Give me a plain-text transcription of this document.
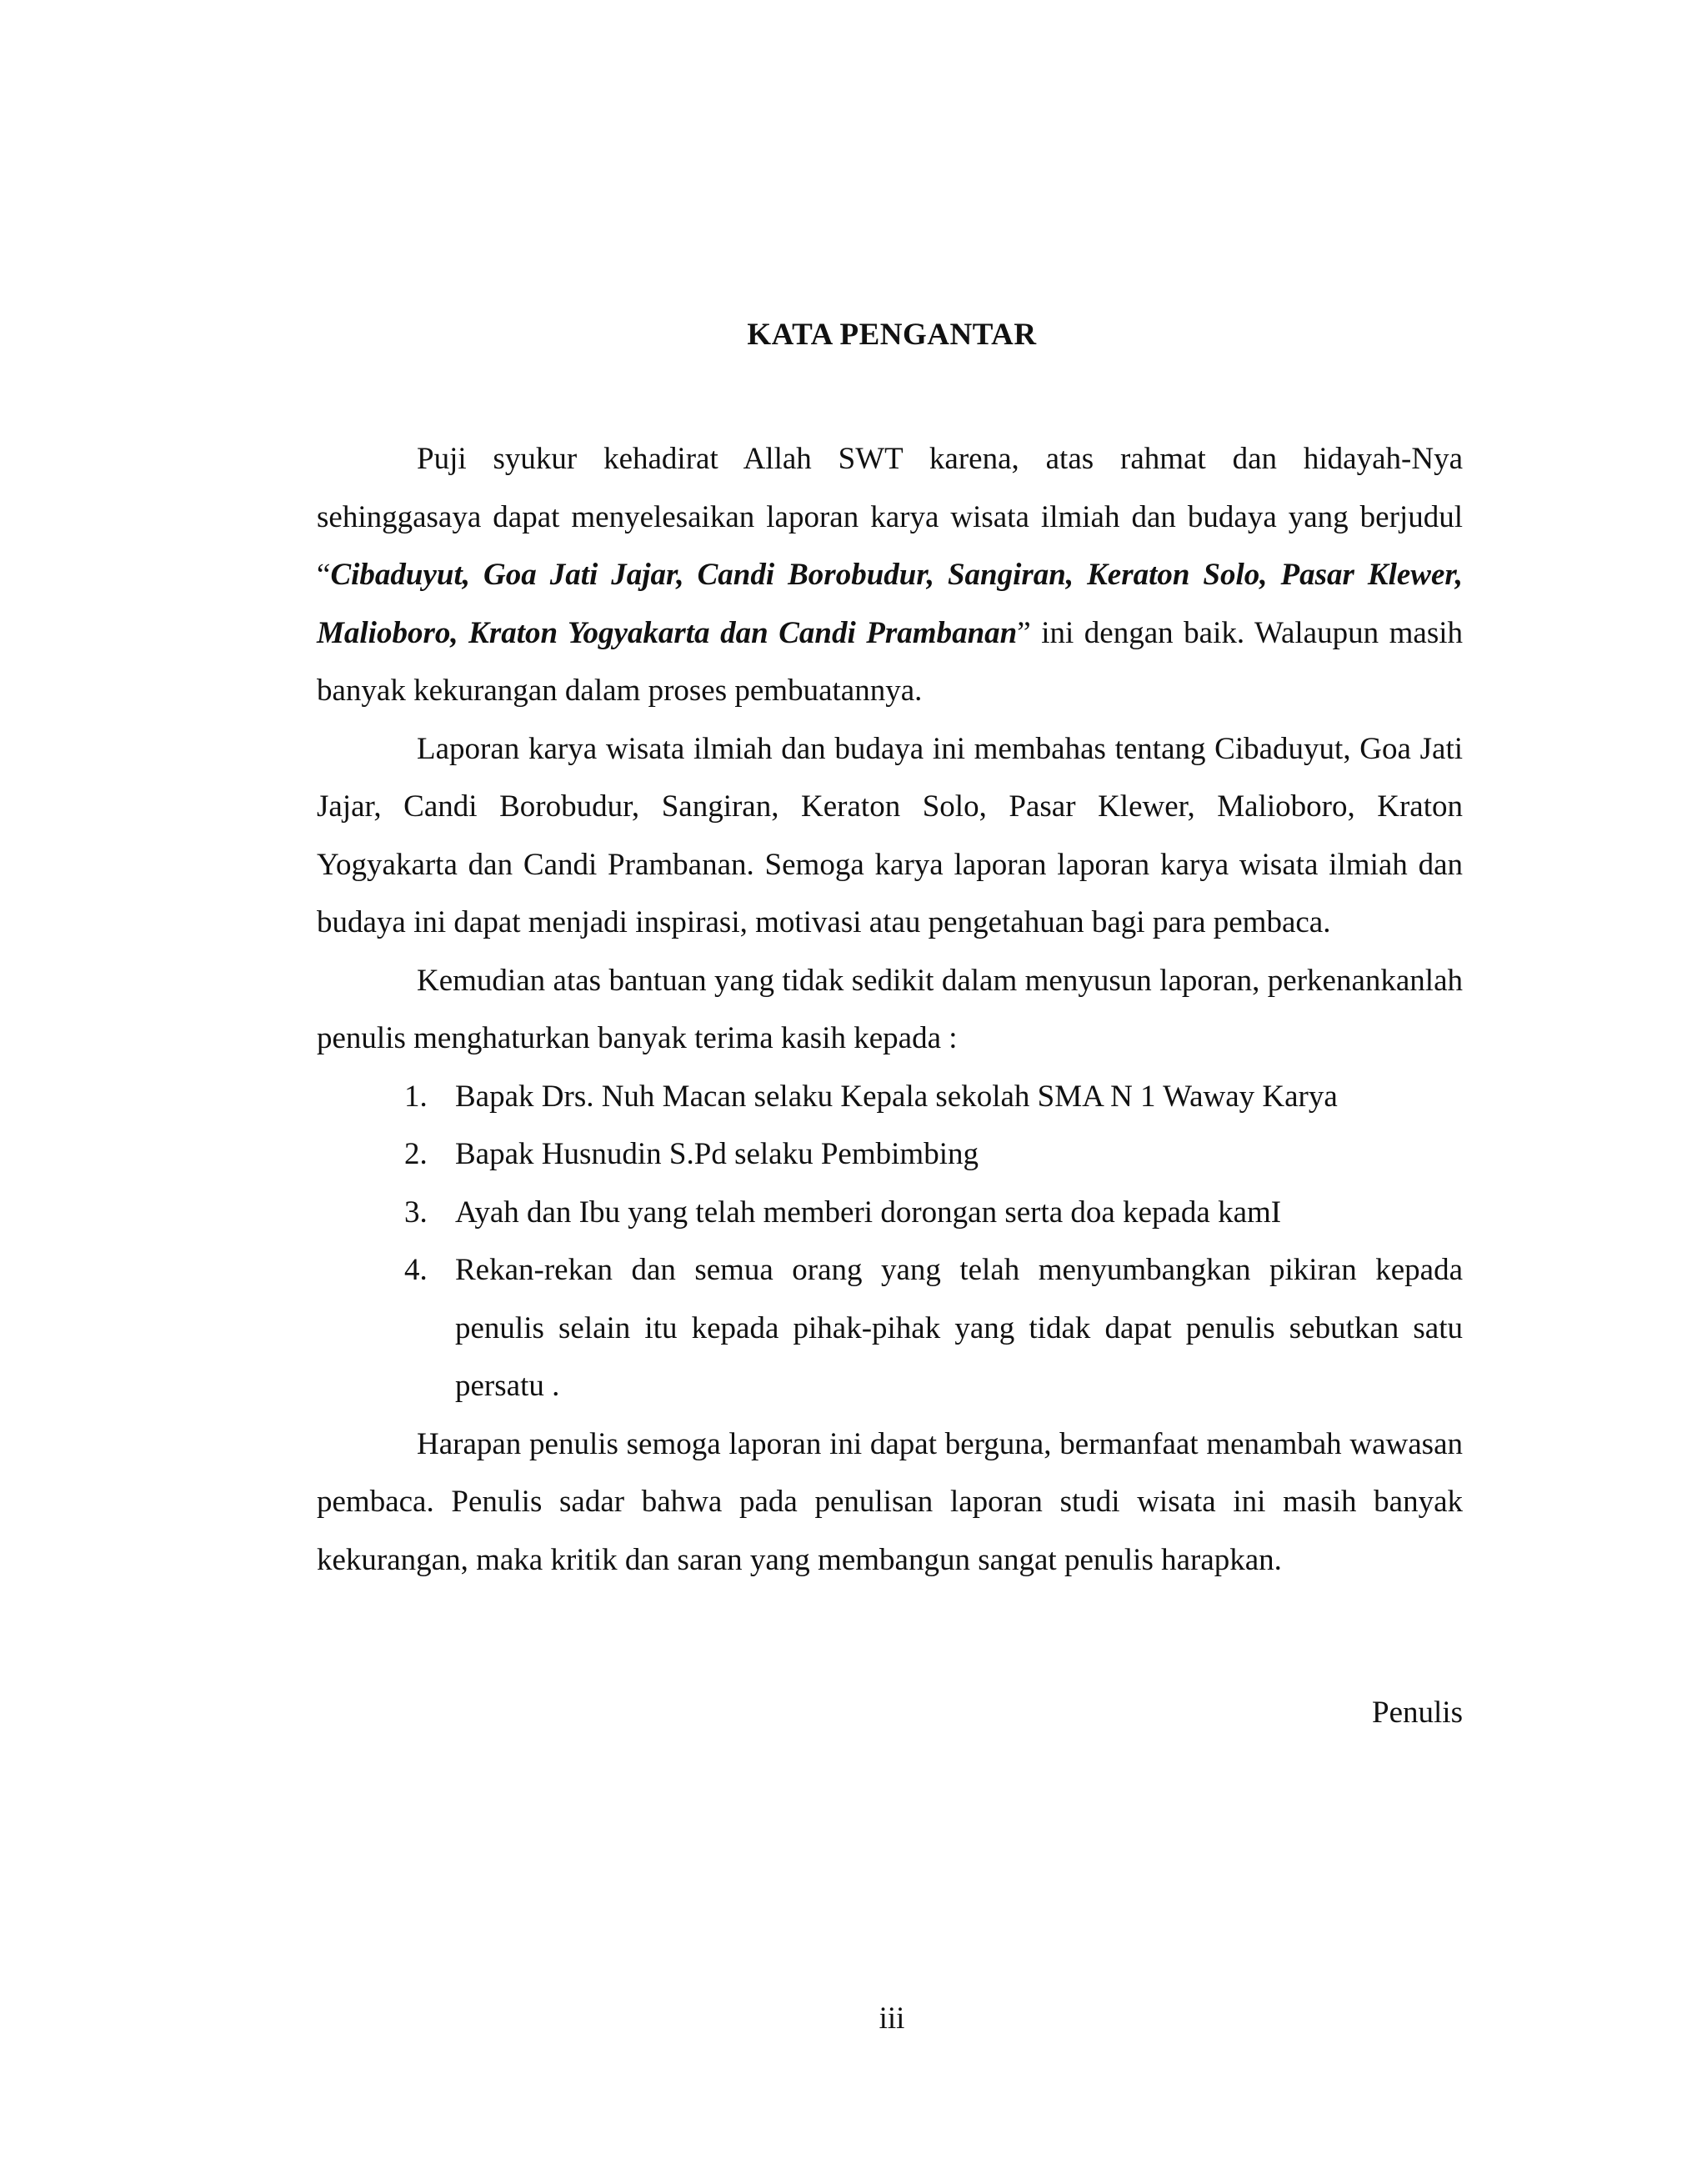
KATA PENGANTAR

Puji syukur kehadirat Allah SWT karena, atas rahmat dan hidayah-Nya sehinggasaya dapat menyelesaikan laporan karya wisata ilmiah dan budaya yang berjudul “Cibaduyut, Goa Jati Jajar, Candi Borobudur, Sangiran, Keraton Solo, Pasar Klewer, Malioboro, Kraton Yogyakarta dan Candi Prambanan” ini dengan baik. Walaupun masih banyak kekurangan dalam proses pembuatannya.

Laporan karya wisata ilmiah dan budaya ini membahas tentang Cibaduyut, Goa Jati Jajar, Candi Borobudur, Sangiran, Keraton Solo, Pasar Klewer, Malioboro, Kraton Yogyakarta dan Candi Prambanan. Semoga karya laporan laporan karya wisata ilmiah dan budaya ini dapat menjadi inspirasi, motivasi atau pengetahuan bagi para pembaca.

Kemudian atas bantuan yang tidak sedikit dalam menyusun laporan, perkenankanlah penulis menghaturkan banyak terima kasih kepada :

1. Bapak Drs. Nuh Macan selaku Kepala sekolah SMA N 1 Waway Karya
2. Bapak Husnudin S.Pd selaku Pembimbing
3. Ayah dan Ibu yang telah memberi dorongan serta doa kepada kamI
4. Rekan-rekan dan semua orang yang telah menyumbangkan pikiran kepada penulis selain itu kepada pihak-pihak yang tidak dapat penulis sebutkan satu persatu .

Harapan penulis semoga laporan ini dapat berguna, bermanfaat menambah wawasan pembaca. Penulis sadar bahwa pada penulisan laporan studi wisata ini masih banyak kekurangan, maka kritik dan saran yang membangun sangat penulis harapkan.

Penulis
iii
